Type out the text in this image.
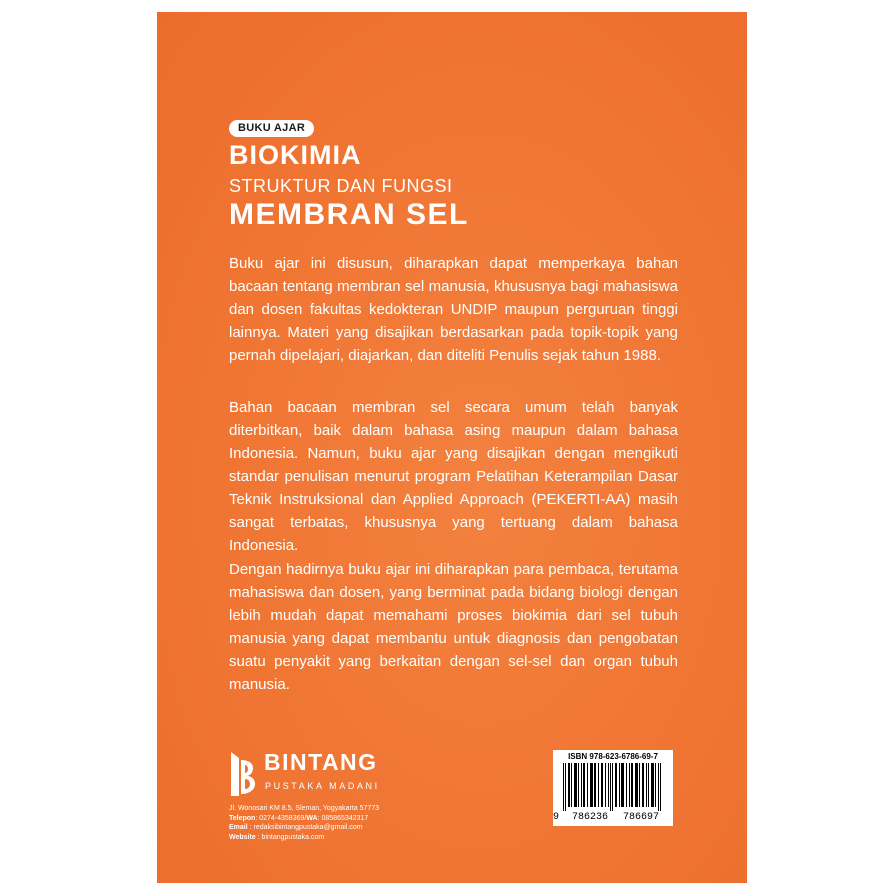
BUKU AJAR
BIOKIMIA
STRUKTUR DAN FUNGSI
MEMBRAN SEL

Buku ajar ini disusun, diharapkan dapat memperkaya bahan bacaan tentang membran sel manusia, khususnya bagi mahasiswa dan dosen fakultas kedokteran UNDIP maupun perguruan tinggi lainnya. Materi yang disajikan berdasarkan pada topik-topik yang pernah dipelajari, diajarkan, dan diteliti Penulis sejak tahun 1988.

Bahan bacaan membran sel secara umum telah banyak diterbitkan, baik dalam bahasa asing maupun dalam bahasa Indonesia. Namun, buku ajar yang disajikan dengan mengikuti standar penulisan menurut program Pelatihan Keterampilan Dasar Teknik Instruksional dan Applied Approach (PEKERTI-AA) masih sangat terbatas, khususnya yang tertuang dalam bahasa Indonesia.

Dengan hadirnya buku ajar ini diharapkan para pembaca, terutama mahasiswa dan dosen, yang berminat pada bidang biologi dengan lebih mudah dapat memahami proses biokimia dari sel tubuh manusia yang dapat membantu untuk diagnosis dan pengobatan suatu penyakit yang berkaitan dengan sel-sel dan organ tubuh manusia.

BINTANG
PUSTAKA MADANI
Jl. Wonosari KM 8.5, Sleman, Yogyakarta 57773
Telepon: 0274-4358369/WA: 085865342317
Email : redaksibintangpustaka@gmail.com
Website : bintangpustaka.com
ISBN 978-623-6786-69-7
9	786236	786697
